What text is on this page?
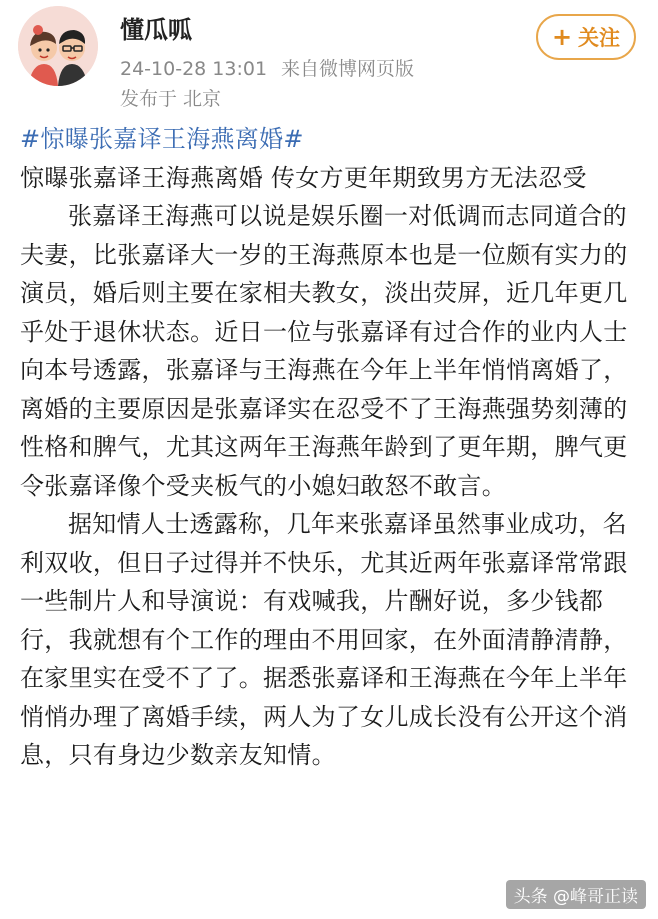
懂瓜呱
24-10-28 13:01 来自微博网页版
发布于 北京
+ 关注
#惊曝张嘉译王海燕离婚#
惊曝张嘉译王海燕离婚 传女方更年期致男方无法忍受

张嘉译王海燕可以说是娱乐圈一对低调而志同道合的夫妻，比张嘉译大一岁的王海燕原本也是一位颇有实力的演员，婚后则主要在家相夫教女，淡出荧屏，近几年更几乎处于退休状态。近日一位与张嘉译有过合作的业内人士向本号透露，张嘉译与王海燕在今年上半年悄悄离婚了，离婚的主要原因是张嘉译实在忍受不了王海燕强势刻薄的性格和脾气，尤其这两年王海燕年龄到了更年期，脾气更令张嘉译像个受夹板气的小媳妇敢怒不敢言。

据知情人士透露称，几年来张嘉译虽然事业成功，名利双收，但日子过得并不快乐，尤其近两年张嘉译常常跟一些制片人和导演说：有戏喊我，片酬好说，多少钱都行，我就想有个工作的理由不用回家，在外面清静清静，在家里实在受不了了。据悉张嘉译和王海燕在今年上半年悄悄办理了离婚手续，两人为了女儿成长没有公开这个消息，只有身边少数亲友知情。

头条 @峰哥正读
